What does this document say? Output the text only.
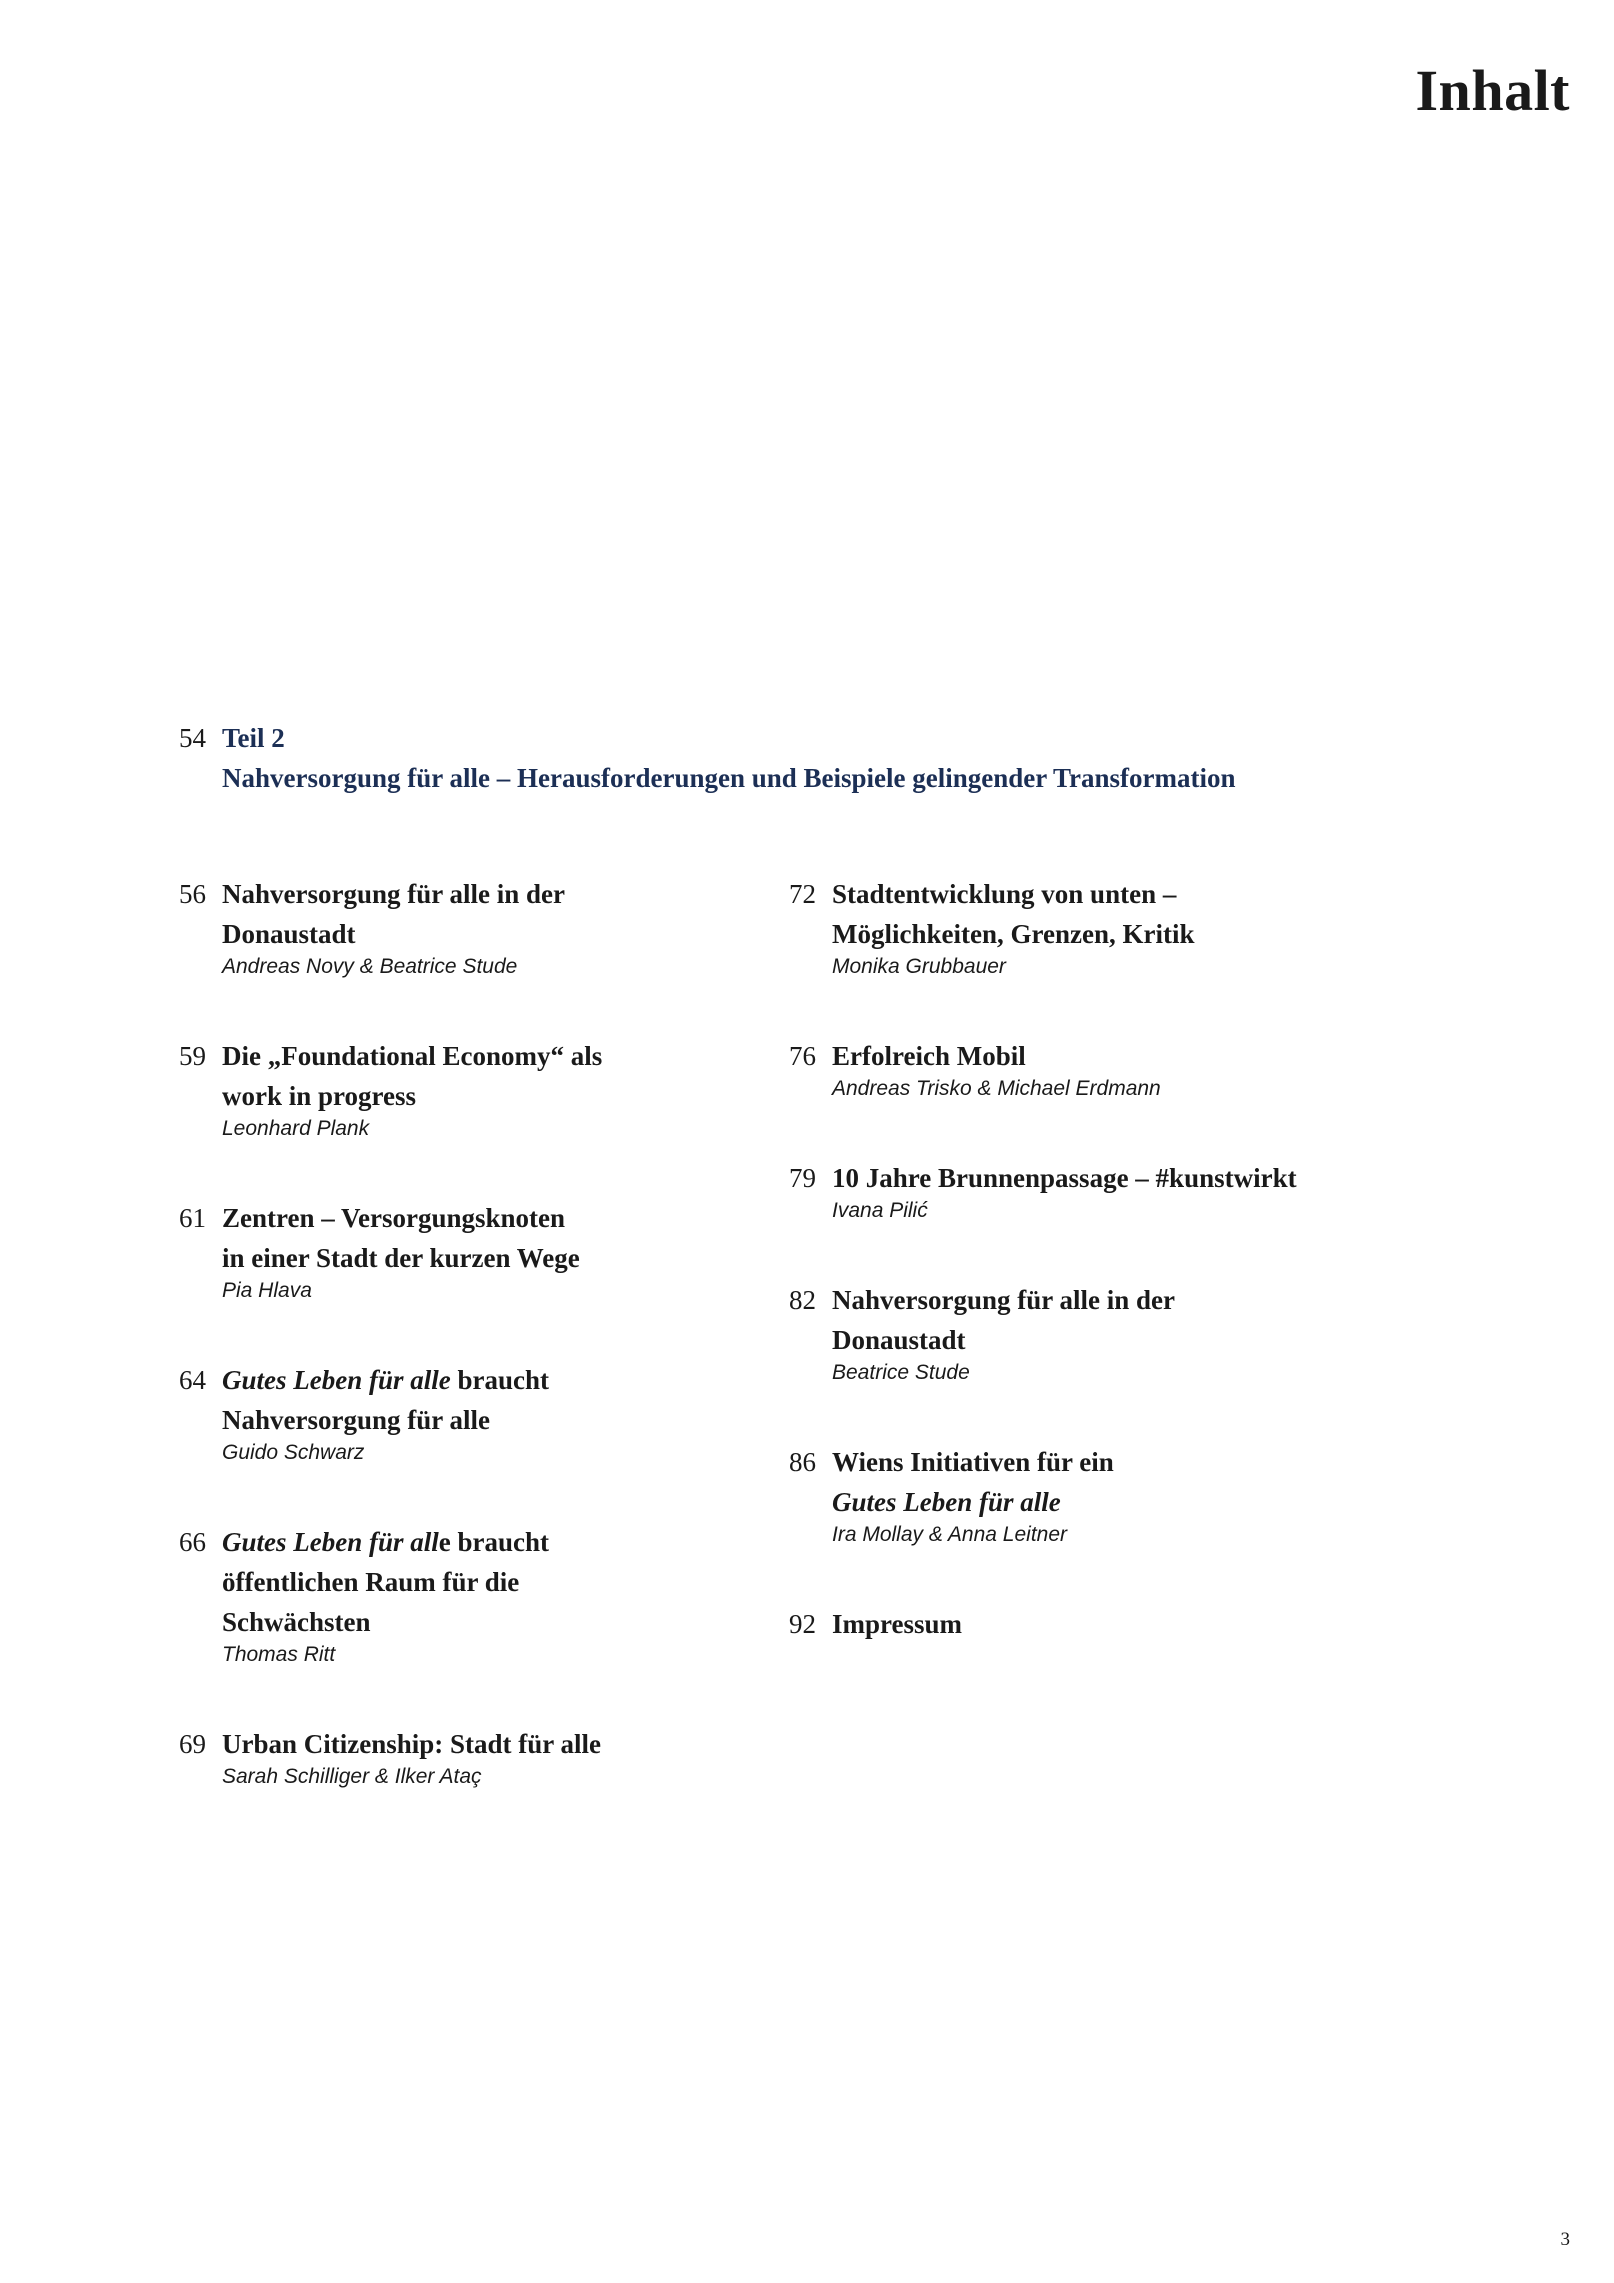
Inhalt
54 Teil 2
Nahversorgung für alle – Herausforderungen und Beispiele gelingender Transformation
56 Nahversorgung für alle in der
Donaustadt
Andreas Novy & Beatrice Stude
59 Die „Foundational Economy“ als
work in progress
Leonhard Plank
61 Zentren – Versorgungsknoten
in einer Stadt der kurzen Wege
Pia Hlava
64 Gutes Leben für alle braucht
Nahversorgung für alle
Guido Schwarz
66 Gutes Leben für alle braucht
öffentlichen Raum für die
Schwächsten
Thomas Ritt
69 Urban Citizenship: Stadt für alle
Sarah Schilliger & Ilker Ataç
72 Stadtentwicklung von unten –
Möglichkeiten, Grenzen, Kritik
Monika Grubbauer
76 Erfolreich Mobil
Andreas Trisko & Michael Erdmann
79 10 Jahre Brunnenpassage – #kunstwirkt
Ivana Pilić
82 Nahversorgung für alle in der
Donaustadt
Beatrice Stude
86 Wiens Initiativen für ein
Gutes Leben für alle
Ira Mollay & Anna Leitner
92 Impressum
3
